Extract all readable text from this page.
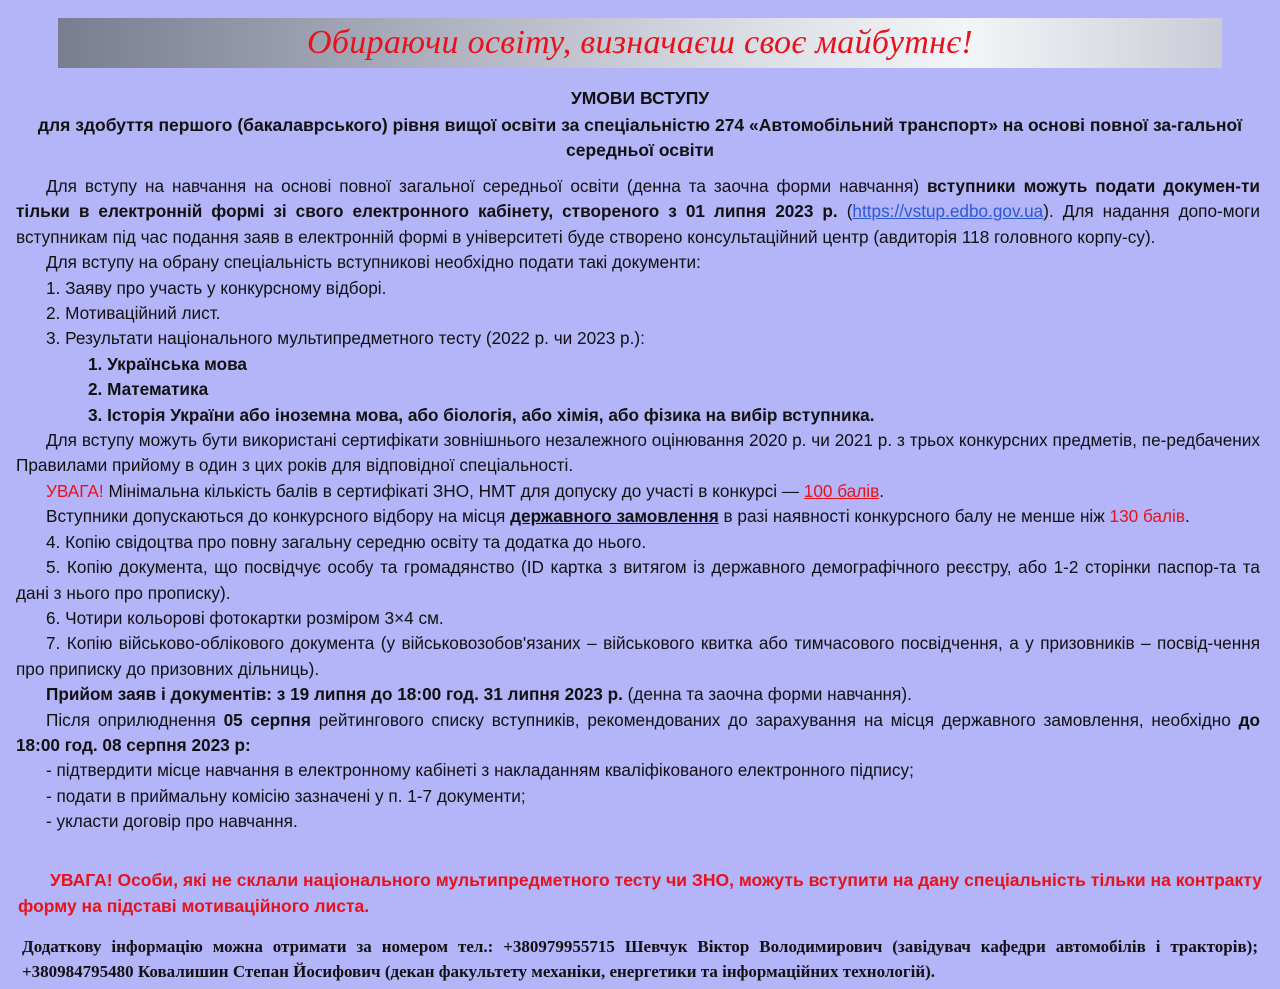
Обираючи освіту, визначаєш своє майбутнє!
УМОВИ ВСТУПУ
для здобуття першого (бакалаврського) рівня вищої освіти за спеціальністю 274 «Автомобільний транспорт» на основі повної за-гальної середньої освіти

Для вступу на навчання на основі повної загальної середньої освіти (денна та заочна форми навчання) вступники можуть подати докумен-ти тільки в електронній формі зі свого електронного кабінету, створеного з 01 липня 2023 р. (https://vstup.edbo.gov.ua). Для надання допо-моги вступникам під час подання заяв в електронній формі в університеті буде створено консультаційний центр (авдиторія 118 головного корпу-су).

Для вступу на обрану спеціальність вступникові необхідно подати такі документи:

1. Заяву про участь у конкурсному відборі.

2. Мотиваційний лист.

3. Результати національного мультипредметного тесту (2022 р. чи 2023 р.):

1. Українська мова

2. Математика

3. Історія України або іноземна мова, або біологія, або хімія, або фізика на вибір вступника.

Для вступу можуть бути використані сертифікати зовнішнього незалежного оцінювання 2020 р. чи 2021 р. з трьох конкурсних предметів, пе-редбачених Правилами прийому в один з цих років для відповідної спеціальності.

УВАГА! Мінімальна кількість балів в сертифікаті ЗНО, НМТ для допуску до участі в конкурсі — 100 балів.

Вступники допускаються до конкурсного відбору на місця державного замовлення в разі наявності конкурсного балу не менше ніж 130 балів.

4. Копію свідоцтва про повну загальну середню освіту та додатка до нього.

5. Копію документа, що посвідчує особу та громадянство (ID картка з витягом із державного демографічного реєстру, або 1-2 сторінки паспор-та та дані з нього про прописку).

6. Чотири кольорові фотокартки розміром 3×4 см.

7. Копію військово-облікового документа (у військовозобов'язаних – військового квитка або тимчасового посвідчення, а у призовників – посвід-чення про приписку до призовних дільниць).

Прийом заяв і документів: з 19 липня до 18:00 год. 31 липня 2023 р. (денна та заочна форми навчання).

Після оприлюднення 05 серпня рейтингового списку вступників, рекомендованих до зарахування на місця державного замовлення, необхідно до 18:00 год. 08 серпня 2023 р:

- підтвердити місце навчання в електронному кабінеті з накладанням кваліфікованого електронного підпису;

- подати в приймальну комісію зазначені у п. 1-7 документи;

- укласти договір про навчання.

УВАГА! Особи, які не склали національного мультипредметного тесту чи ЗНО, можуть вступити на дану спеціальність тільки на контракту форму на підставі мотиваційного листа.
Додаткову інформацію можна отримати за номером тел.: +380979955715 Шевчук Віктор Володимирович (завідувач кафедри автомобілів і тракторів); +380984795480 Ковалишин Степан Йосифович (декан факультету механіки, енергетики та інформаційних технологій).
